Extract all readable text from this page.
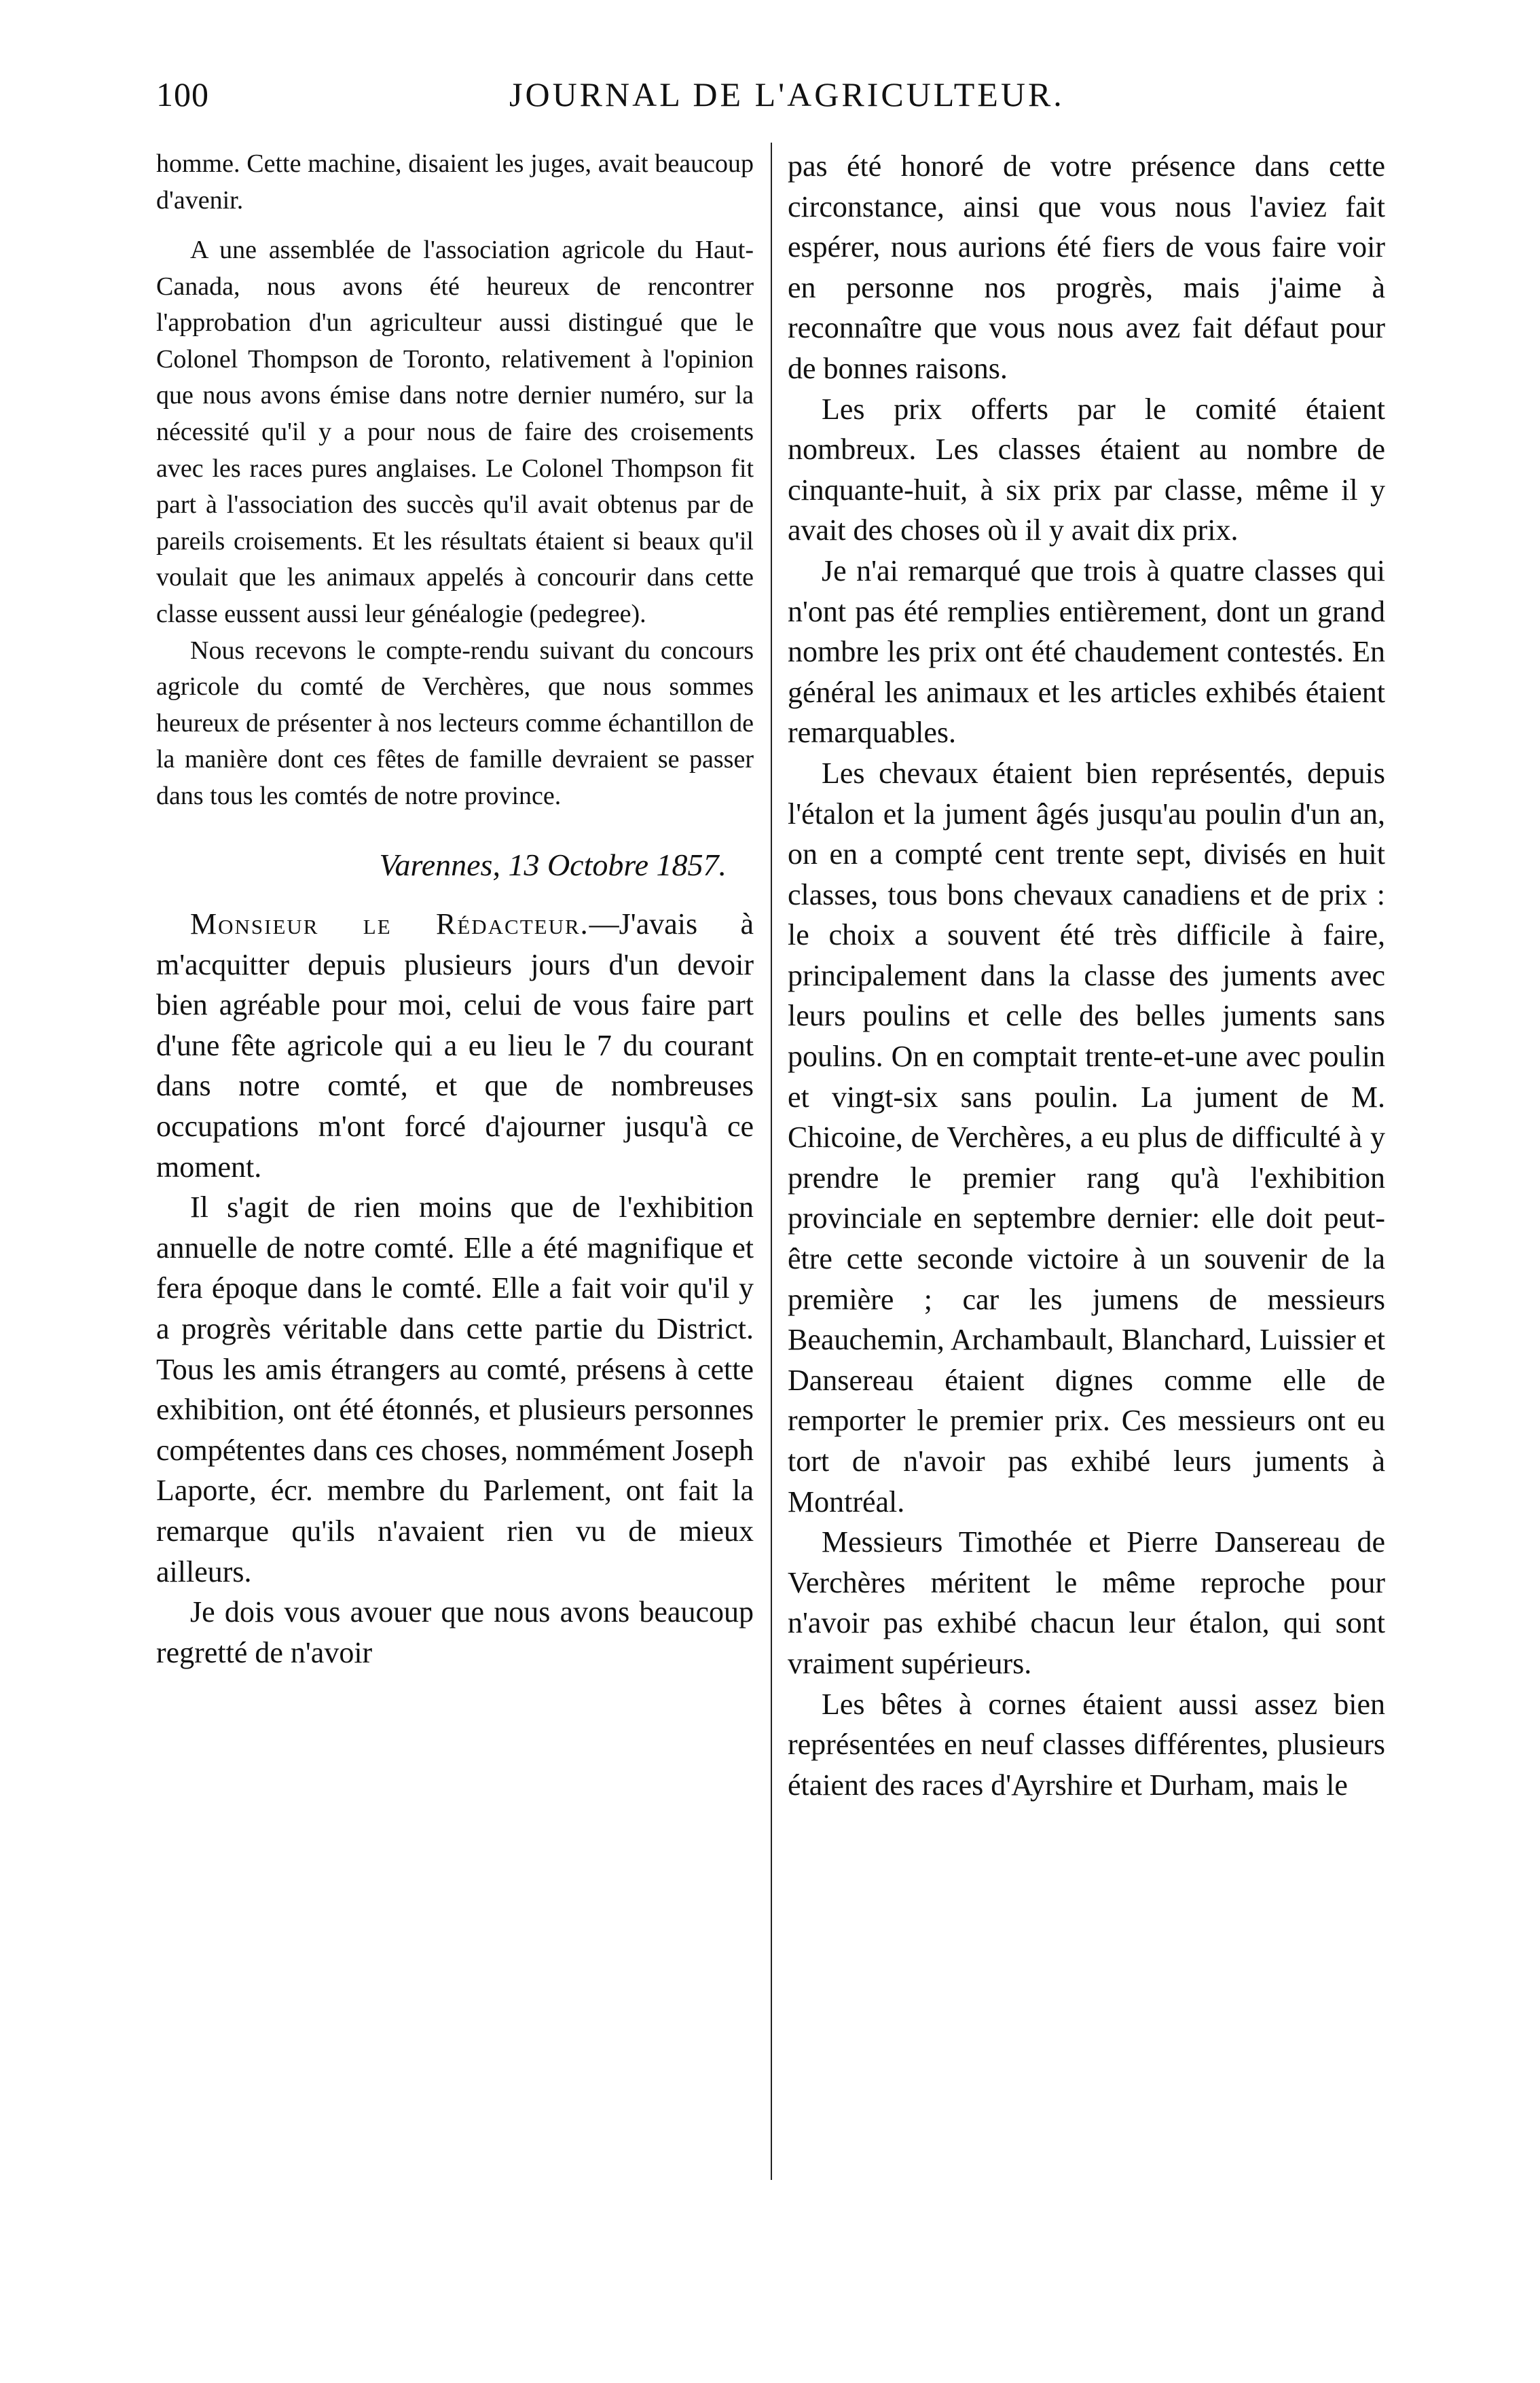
100	JOURNAL DE L'AGRICULTEUR.

homme. Cette machine, disaient les juges, avait beaucoup d'avenir.

A une assemblée de l'association agricole du Haut-Canada, nous avons été heureux de rencontrer l'approbation d'un agriculteur aussi distingué que le Colonel Thompson de Toronto, relativement à l'opinion que nous avons émise dans notre dernier numéro, sur la nécessité qu'il y a pour nous de faire des croisements avec les races pures anglaises. Le Colonel Thompson fit part à l'association des succès qu'il avait obtenus par de pareils croisements. Et les résultats étaient si beaux qu'il voulait que les animaux appelés à concourir dans cette classe eussent aussi leur généalogie (pedegree).

Nous recevons le compte-rendu suivant du concours agricole du comté de Verchères, que nous sommes heureux de présenter à nos lecteurs comme échantillon de la manière dont ces fêtes de famille devraient se passer dans tous les comtés de notre province.

Varennes, 13 Octobre 1857.

Monsieur le Rédacteur.—J'avais à m'acquitter depuis plusieurs jours d'un devoir bien agréable pour moi, celui de vous faire part d'une fête agricole qui a eu lieu le 7 du courant dans notre comté, et que de nombreuses occupations m'ont forcé d'ajourner jusqu'à ce moment.

Il s'agit de rien moins que de l'exhibition annuelle de notre comté. Elle a été magnifique et fera époque dans le comté. Elle a fait voir qu'il y a progrès véritable dans cette partie du District. Tous les amis étrangers au comté, présens à cette exhibition, ont été étonnés, et plusieurs personnes compétentes dans ces choses, nommément Joseph Laporte, écr. membre du Parlement, ont fait la remarque qu'ils n'avaient rien vu de mieux ailleurs.

Je dois vous avouer que nous avons beaucoup regretté de n'avoir

pas été honoré de votre présence dans cette circonstance, ainsi que vous nous l'aviez fait espérer, nous aurions été fiers de vous faire voir en personne nos progrès, mais j'aime à reconnaître que vous nous avez fait défaut pour de bonnes raisons.

Les prix offerts par le comité étaient nombreux. Les classes étaient au nombre de cinquante-huit, à six prix par classe, même il y avait des choses où il y avait dix prix.

Je n'ai remarqué que trois à quatre classes qui n'ont pas été remplies entièrement, dont un grand nombre les prix ont été chaudement contestés. En général les animaux et les articles exhibés étaient remarquables.

Les chevaux étaient bien représentés, depuis l'étalon et la jument âgés jusqu'au poulin d'un an, on en a compté cent trente sept, divisés en huit classes, tous bons chevaux canadiens et de prix : le choix a souvent été très difficile à faire, principalement dans la classe des juments avec leurs poulins et celle des belles juments sans poulins. On en comptait trente-et-une avec poulin et vingt-six sans poulin. La jument de M. Chicoine, de Verchères, a eu plus de difficulté à y prendre le premier rang qu'à l'exhibition provinciale en septembre dernier: elle doit peut-être cette seconde victoire à un souvenir de la première ; car les jumens de messieurs Beauchemin, Archambault, Blanchard, Luissier et Dansereau étaient dignes comme elle de remporter le premier prix. Ces messieurs ont eu tort de n'avoir pas exhibé leurs juments à Montréal.

Messieurs Timothée et Pierre Dansereau de Verchères méritent le même reproche pour n'avoir pas exhibé chacun leur étalon, qui sont vraiment supérieurs.

Les bêtes à cornes étaient aussi assez bien représentées en neuf classes différentes, plusieurs étaient des races d'Ayrshire et Durham, mais le
